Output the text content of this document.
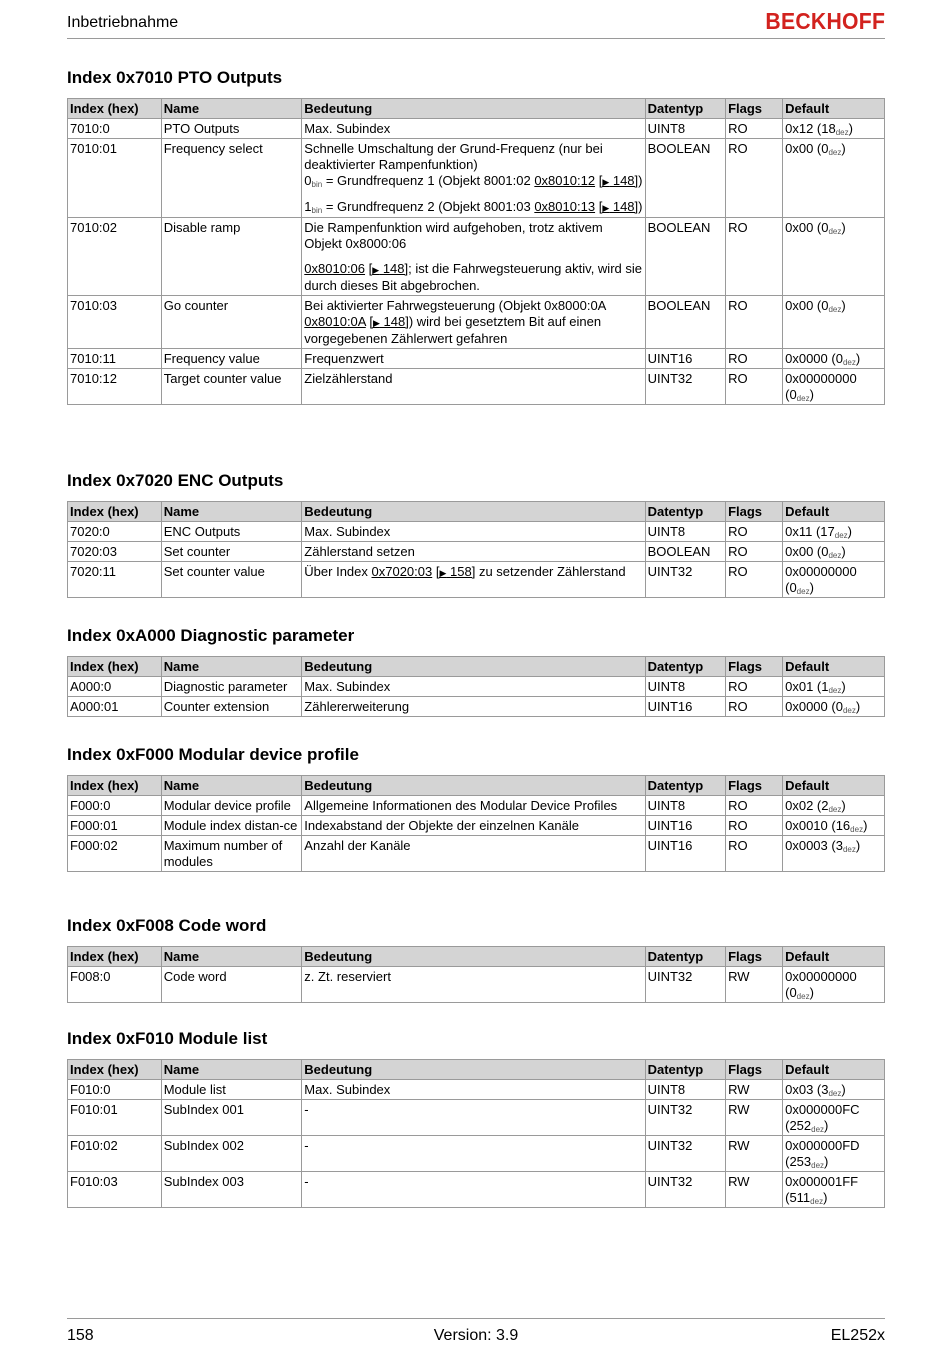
Inbetriebnahme	BECKHOFF
Index 0x7010 PTO Outputs
Index (hex)	Name	Bedeutung	Datentyp	Flags	Default
7010:0	PTO Outputs	Max. Subindex	UINT8	RO	0x12 $(18_{dez})$
7010:01	Frequency select	Schnelle Umschaltung der Grund-Frequenz (nur bei deaktivierter Rampenfunktion)
$0_{bin}$ = Grundfrequenz 1 (Objekt 8001:02 0x8010:12 [▶ 148])

$1_{bin}$ = Grundfrequenz 2 (Objekt 8001:03 0x8010:13 [▶ 148])	BOOLEAN	RO	0x00 $(0_{dez})$
7010:02	Disable ramp	Die Rampenfunktion wird aufgehoben, trotz aktivem Objekt 0x8000:06

0x8010:06 [▶ 148]; ist die Fahrwegsteuerung aktiv, wird sie durch dieses Bit abgebrochen.	BOOLEAN	RO	0x00 $(0_{dez})$
7010:03	Go counter	Bei aktivierter Fahrwegsteuerung (Objekt 0x8000:0A 0x8010:0A [▶ 148]) wird bei gesetztem Bit auf einen vorgegebenen Zählerwert gefahren	BOOLEAN	RO	0x00 $(0_{dez})$
7010:11	Frequency value	Frequenzwert	UINT16	RO	0x0000 $(0_{dez})$
7010:12	Target counter value	Zielzählerstand	UINT32	RO	0x00000000 $(0_{dez})$
Index 0x7020 ENC Outputs
Index (hex)	Name	Bedeutung	Datentyp	Flags	Default
7020:0	ENC Outputs	Max. Subindex	UINT8	RO	0x11 $(17_{dez})$
7020:03	Set counter	Zählerstand setzen	BOOLEAN	RO	0x00 $(0_{dez})$
7020:11	Set counter value	Über Index 0x7020:03 [▶ 158] zu setzender Zählerstand	UINT32	RO	0x00000000 $(0_{dez})$
Index 0xA000 Diagnostic parameter
Index (hex)	Name	Bedeutung	Datentyp	Flags	Default
A000:0	Diagnostic parameter	Max. Subindex	UINT8	RO	0x01 $(1_{dez})$
A000:01	Counter extension	Zählererweiterung	UINT16	RO	0x0000 $(0_{dez})$
Index 0xF000 Modular device profile
Index (hex)	Name	Bedeutung	Datentyp	Flags	Default
F000:0	Modular device profile	Allgemeine Informationen des Modular Device Profiles	UINT8	RO	0x02 $(2_{dez})$
F000:01	Module index distan-ce	Indexabstand der Objekte der einzelnen Kanäle	UINT16	RO	0x0010 $(16_{dez})$
F000:02	Maximum number of modules	Anzahl der Kanäle	UINT16	RO	0x0003 $(3_{dez})$
Index 0xF008 Code word
Index (hex)	Name	Bedeutung	Datentyp	Flags	Default
F008:0	Code word	z. Zt. reserviert	UINT32	RW	0x00000000 $(0_{dez})$
Index 0xF010 Module list
Index (hex)	Name	Bedeutung	Datentyp	Flags	Default
F010:0	Module list	Max. Subindex	UINT8	RW	0x03 $(3_{dez})$
F010:01	SubIndex 001	-	UINT32	RW	0x000000FC $(252_{dez})$
F010:02	SubIndex 002	-	UINT32	RW	0x000000FD $(253_{dez})$
F010:03	SubIndex 003	-	UINT32	RW	0x000001FF $(511_{dez})$
158	Version: 3.9	EL252x
